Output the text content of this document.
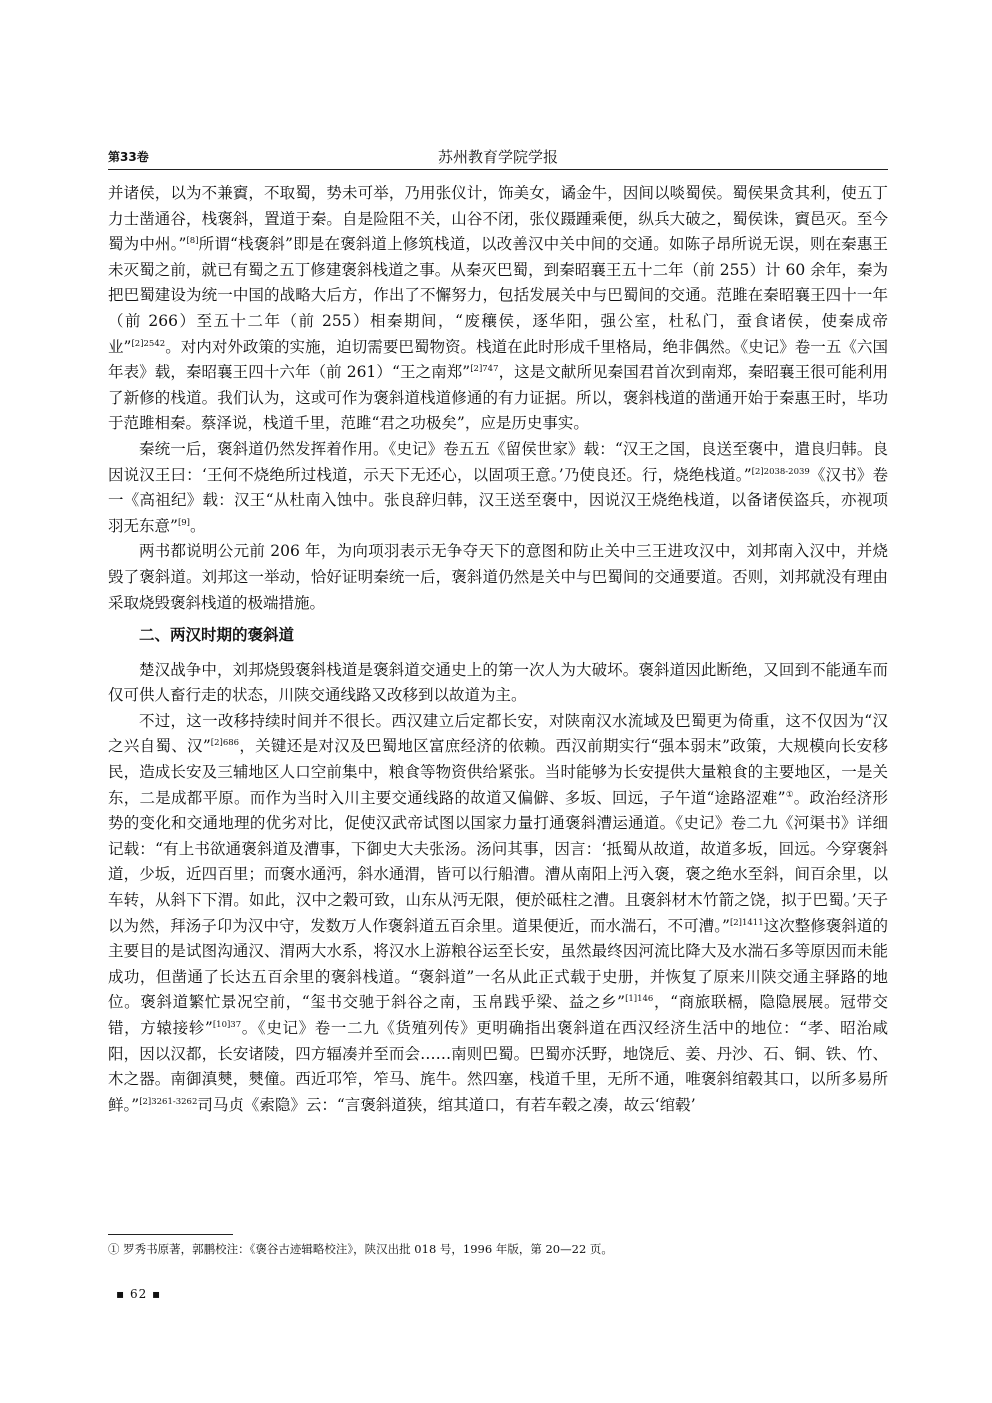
第33卷	苏州教育学院学报

并诸侯，以为不兼賨，不取蜀，势未可举，乃用张仪计，饰美女，谲金牛，因间以啖蜀侯。蜀侯果贪其利，使五丁力士凿通谷，栈褒斜，置道于秦。自是险阻不关，山谷不闭，张仪蹑踵乘便，纵兵大破之，蜀侯诛，賨邑灭。至今蜀为中州。”[8]所谓“栈褒斜”即是在褒斜道上修筑栈道，以改善汉中关中间的交通。如陈子昂所说无误，则在秦惠王未灭蜀之前，就已有蜀之五丁修建褒斜栈道之事。从秦灭巴蜀，到秦昭襄王五十二年（前 255）计 60 余年，秦为把巴蜀建设为统一中国的战略大后方，作出了不懈努力，包括发展关中与巴蜀间的交通。范雎在秦昭襄王四十一年（前 266）至五十二年（前 255）相秦期间，“废穰侯，逐华阳，强公室，杜私门，蚕食诸侯，使秦成帝业”$^{[2]2542}$。对内对外政策的实施，迫切需要巴蜀物资。栈道在此时形成千里格局，绝非偶然。《史记》卷一五《六国年表》载，秦昭襄王四十六年（前 261）“王之南郑”$^{[2]747}$，这是文献所见秦国君首次到南郑，秦昭襄王很可能利用了新修的栈道。我们认为，这或可作为褒斜道栈道修通的有力证据。所以，褒斜栈道的凿通开始于秦惠王时，毕功于范雎相秦。蔡泽说，栈道千里，范雎“君之功极矣”，应是历史事实。

秦统一后，褒斜道仍然发挥着作用。《史记》卷五五《留侯世家》载：“汉王之国，良送至褒中，遣良归韩。良因说汉王曰：‘王何不烧绝所过栈道，示天下无还心，以固项王意。’乃使良还。行，烧绝栈道。”$^{[2]2038-2039}$《汉书》卷一《高祖纪》载：汉王“从杜南入蚀中。张良辞归韩，汉王送至褒中，因说汉王烧绝栈道，以备诸侯盗兵，亦视项羽无东意”[9]。

两书都说明公元前 206 年，为向项羽表示无争夺天下的意图和防止关中三王进攻汉中，刘邦南入汉中，并烧毁了褒斜道。刘邦这一举动，恰好证明秦统一后，褒斜道仍然是关中与巴蜀间的交通要道。否则，刘邦就没有理由采取烧毁褒斜栈道的极端措施。

二、两汉时期的褒斜道

楚汉战争中，刘邦烧毁褒斜栈道是褒斜道交通史上的第一次人为大破坏。褒斜道因此断绝，又回到不能通车而仅可供人畜行走的状态，川陕交通线路又改移到以故道为主。

不过，这一改移持续时间并不很长。西汉建立后定都长安，对陕南汉水流域及巴蜀更为倚重，这不仅因为“汉之兴自蜀、汉”$^{[2]686}$，关键还是对汉及巴蜀地区富庶经济的依赖。西汉前期实行“强本弱末”政策，大规模向长安移民，造成长安及三辅地区人口空前集中，粮食等物资供给紧张。当时能够为长安提供大量粮食的主要地区，一是关东，二是成都平原。而作为当时入川主要交通线路的故道又偏僻、多坂、回远，子午道“途路涩难”①。政治经济形势的变化和交通地理的优劣对比，促使汉武帝试图以国家力量打通褒斜漕运通道。《史记》卷二九《河渠书》详细记载：“有上书欲通褒斜道及漕事，下御史大夫张汤。汤问其事，因言：‘抵蜀从故道，故道多坂，回远。今穿褒斜道，少坂，近四百里；而褒水通沔，斜水通渭，皆可以行船漕。漕从南阳上沔入褒，褒之绝水至斜，间百余里，以车转，从斜下下渭。如此，汉中之穀可致，山东从沔无限，便於砥柱之漕。且褒斜材木竹箭之饶，拟于巴蜀。’天子以为然，拜汤子卬为汉中守，发数万人作褒斜道五百余里。道果便近，而水湍石，不可漕。”$^{[2]1411}$这次整修褒斜道的主要目的是试图沟通汉、渭两大水系，将汉水上游粮谷运至长安，虽然最终因河流比降大及水湍石多等原因而未能成功，但凿通了长达五百余里的褒斜栈道。“褒斜道”一名从此正式载于史册，并恢复了原来川陕交通主驿路的地位。褒斜道繁忙景况空前，“玺书交驰于斜谷之南，玉帛践乎梁、益之乡”$^{[1]146}$，“商旅联槅，隐隐展展。冠带交错，方辕接轸”$^{[10]37}$。《史记》卷一二九《货殖列传》更明确指出褒斜道在西汉经济生活中的地位：“孝、昭治咸阳，因以汉都，长安诸陵，四方辐凑并至而会……南则巴蜀。巴蜀亦沃野，地饶卮、姜、丹沙、石、铜、铁、竹、木之器。南御滇僰，僰僮。西近邛笮，笮马、旄牛。然四塞，栈道千里，无所不通，唯褒斜绾毂其口，以所多易所鲜。”$^{[2]3261-3262}$司马贞《索隐》云：“言褒斜道狭，绾其道口，有若车毂之凑，故云‘绾毂’

① 罗秀书原著，郭鹏校注：《褒谷古迹辑略校注》，陕汉出批 018 号，1996 年版，第 20—22 页。
▪ 62 ▪
